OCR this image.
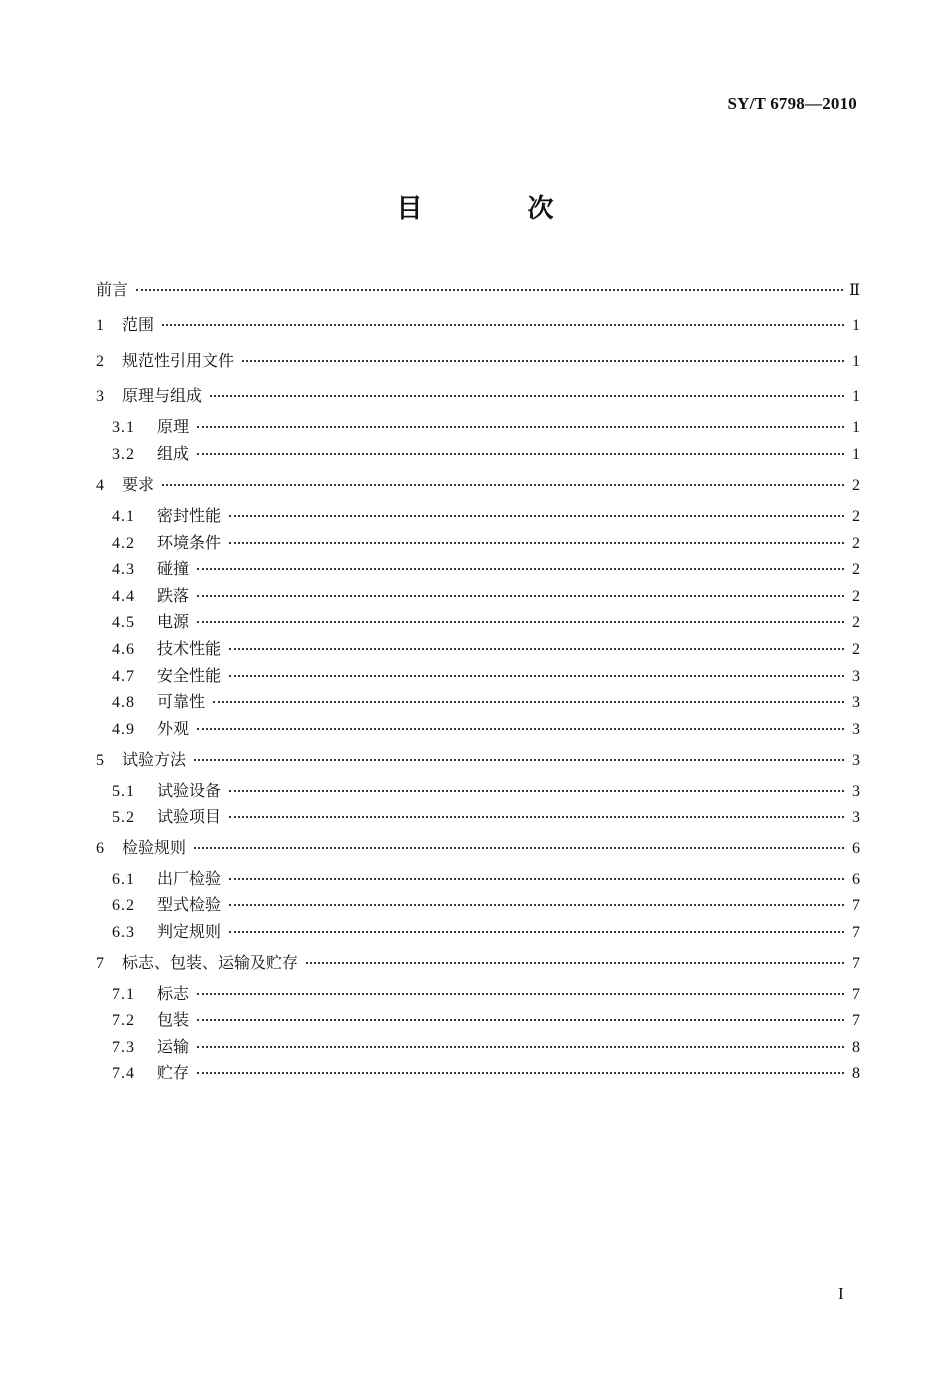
SY/T 6798—2010
目 次
前言	Ⅱ
1	范围	1
2	规范性引用文件	1
3	原理与组成	1
3.1	原理	1
3.2	组成	1
4	要求	2
4.1	密封性能	2
4.2	环境条件	2
4.3	碰撞	2
4.4	跌落	2
4.5	电源	2
4.6	技术性能	2
4.7	安全性能	3
4.8	可靠性	3
4.9	外观	3
5	试验方法	3
5.1	试验设备	3
5.2	试验项目	3
6	检验规则	6
6.1	出厂检验	6
6.2	型式检验	7
6.3	判定规则	7
7	标志、包装、运输及贮存	7
7.1	标志	7
7.2	包装	7
7.3	运输	8
7.4	贮存	8
I
